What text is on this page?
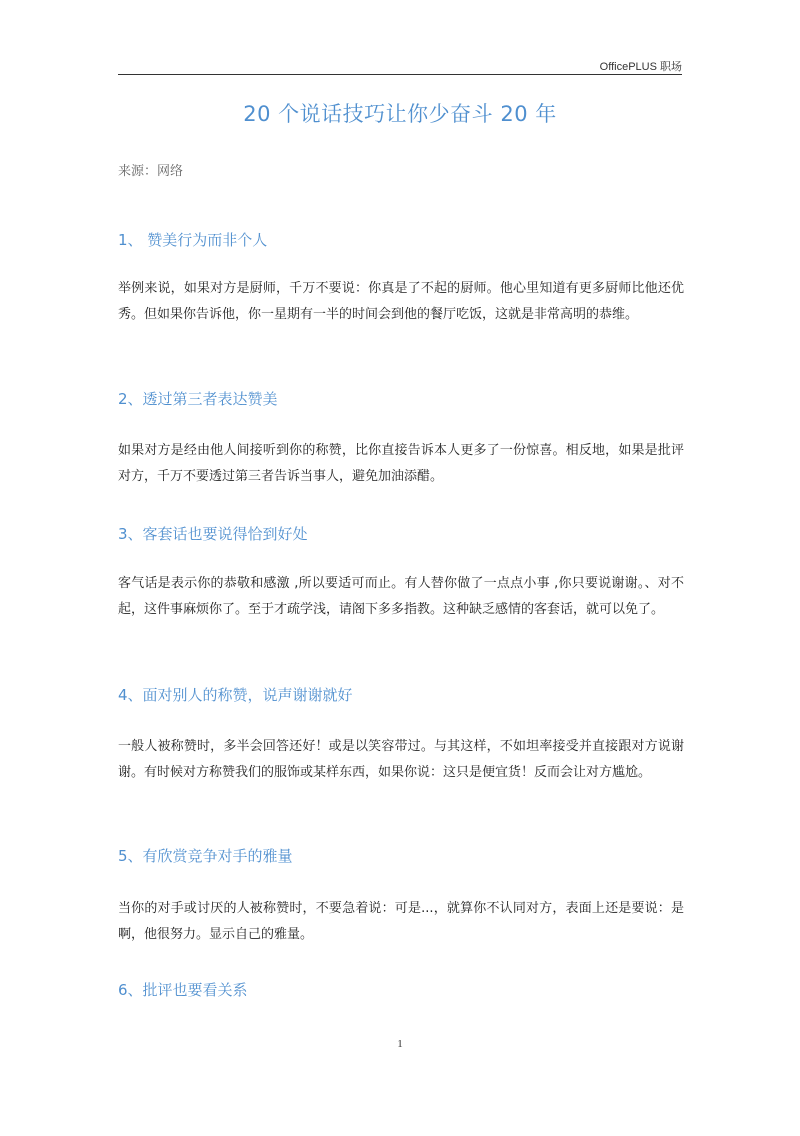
OfficePLUS 职场
20 个说话技巧让你少奋斗 20 年
来源：网络
1、 赞美行为而非个人
举例来说，如果对方是厨师，千万不要说：你真是了不起的厨师。他心里知道有更多厨师比他还优秀。但如果你告诉他，你一星期有一半的时间会到他的餐厅吃饭，这就是非常高明的恭维。
2、透过第三者表达赞美
如果对方是经由他人间接听到你的称赞，比你直接告诉本人更多了一份惊喜。相反地，如果是批评对方，千万不要透过第三者告诉当事人，避免加油添醋。
3、客套话也要说得恰到好处
客气话是表示你的恭敬和感激 ,所以要适可而止。有人替你做了一点点小事 ,你只要说谢谢。、对不起，这件事麻烦你了。至于才疏学浅，请阁下多多指教。这种缺乏感情的客套话，就可以免了。
4、面对别人的称赞，说声谢谢就好
一般人被称赞时，多半会回答还好！或是以笑容带过。与其这样，不如坦率接受并直接跟对方说谢谢。有时候对方称赞我们的服饰或某样东西，如果你说：这只是便宜货！反而会让对方尴尬。
5、有欣赏竞争对手的雅量
当你的对手或讨厌的人被称赞时，不要急着说：可是...，就算你不认同对方，表面上还是要说：是啊，他很努力。显示自己的雅量。
6、批评也要看关系
1
